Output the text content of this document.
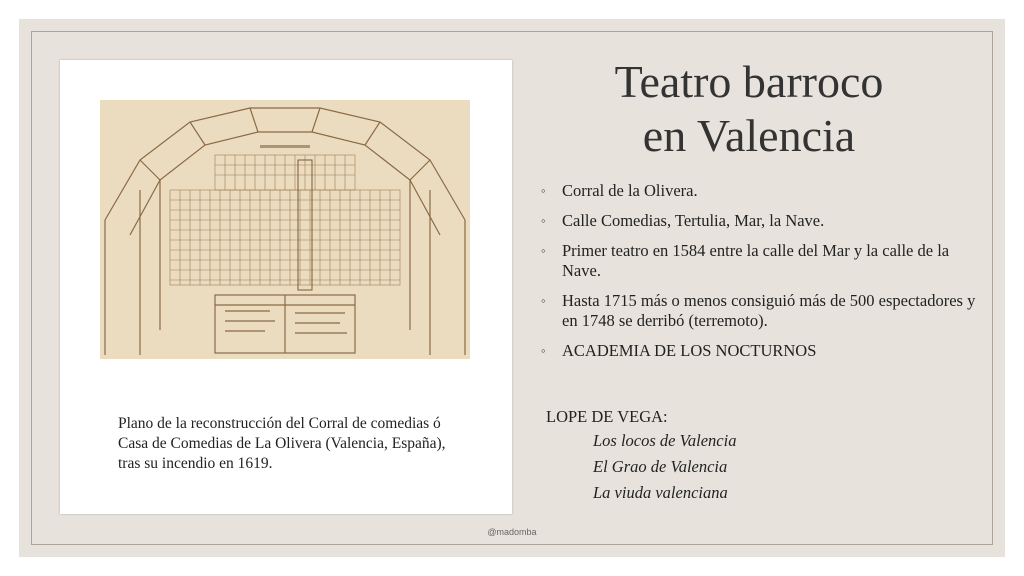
Plano de la reconstrucción del Corral de comedias ó
Casa de Comedias de La Olivera (Valencia, España),
tras su incendio en 1619.
Teatro barroco
en Valencia
◦ Corral de la Olivera.
◦ Calle Comedias, Tertulia, Mar, la Nave.
◦ Primer teatro en 1584 entre la calle del Mar y la calle de la Nave.
◦ Hasta 1715 más o menos consiguió más de 500 espectadores y en 1748 se derribó (terremoto).
◦ ACADEMIA DE LOS NOCTURNOS
LOPE DE VEGA:
Los locos de Valencia
El Grao de Valencia
La viuda valenciana
@madomba
